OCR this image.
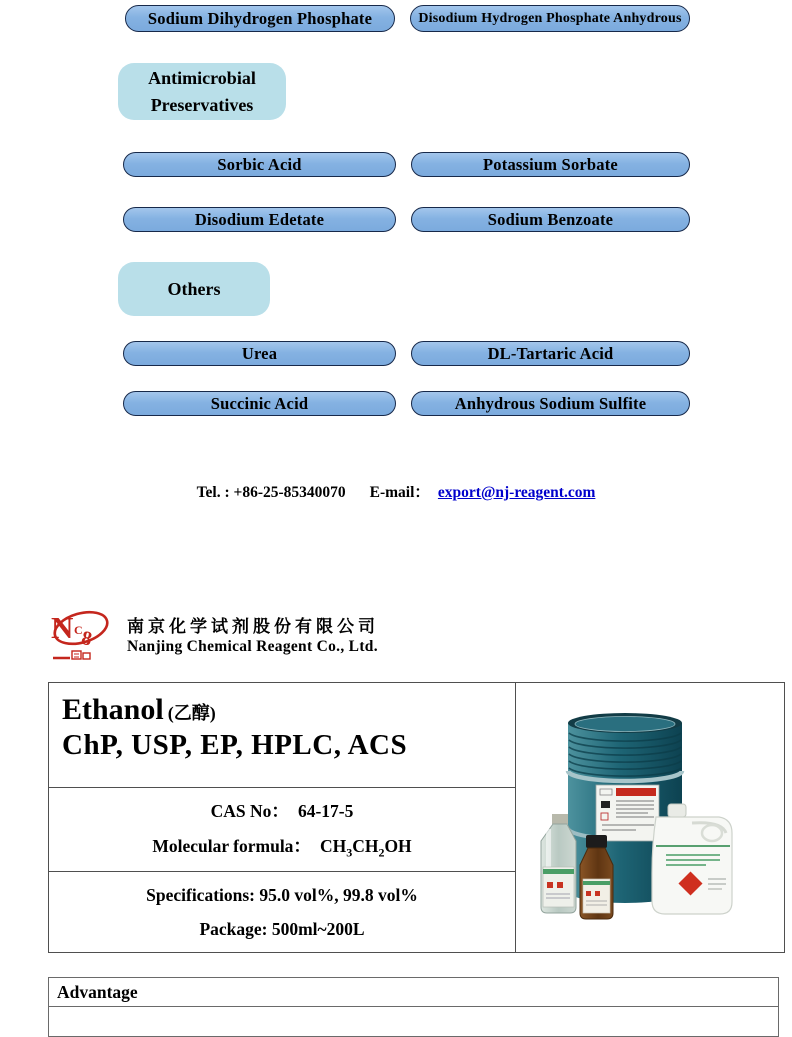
Sodium Dihydrogen Phosphate	Disodium Hydrogen Phosphate Anhydrous
Antimicrobial
Preservatives
Sorbic Acid	Potassium Sorbate
Disodium Edetate	Sodium Benzoate
Others
Urea	DL-Tartaric Acid
Succinic Acid	Anhydrous Sodium Sulfite
Tel. : +86-25-85340070 E-mail： export@nj-reagent.com
N C
8
南京化学试剂股份有限公司
Nanjing Chemical Reagent Co., Ltd.
Ethanol (乙醇)
ChP, USP, EP, HPLC, ACS
CAS No： 64-17-5
Molecular formula： $CH_3CH_2OH$
Specifications: 95.0 vol%, 99.8 vol%
Package: 500ml~200L
Advantage
